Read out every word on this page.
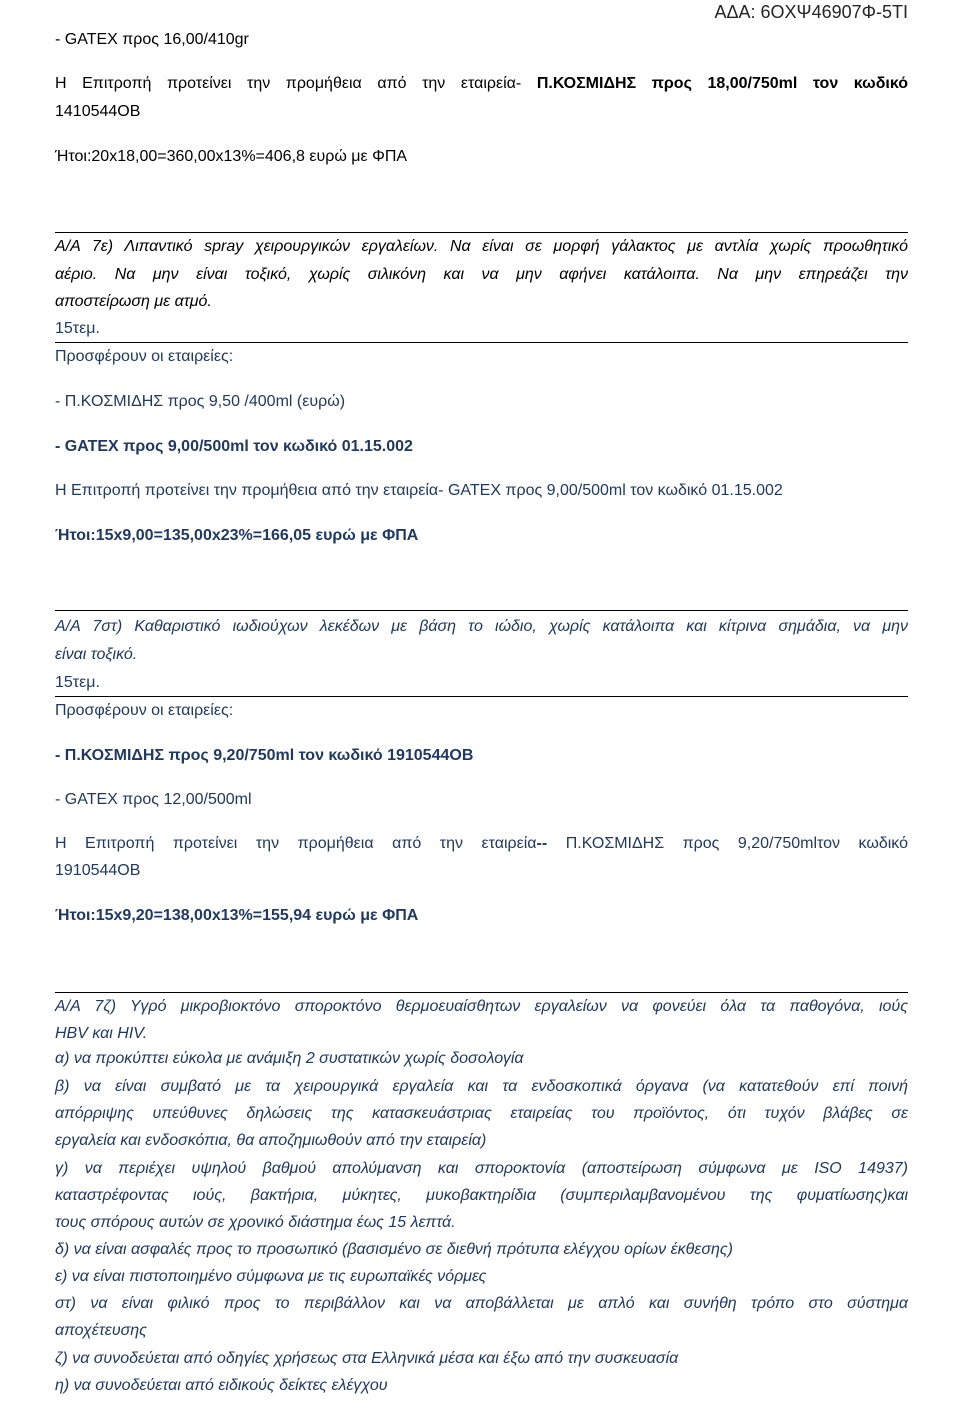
ΑΔΑ: 6ΟΧΨ46907Φ-5ΤΙ
- GATEX προς 16,00/410gr
Η Επιτροπή προτείνει την προμήθεια από την εταιρεία- Π.ΚΟΣΜΙΔΗΣ προς 18,00/750ml τον κωδικό
1410544ΟΒ
Ήτοι:20x18,00=360,00x13%=406,8 ευρώ με ΦΠΑ
Α/Α 7ε) Λιπαντικό spray χειρουργικών εργαλείων. Να είναι σε μορφή γάλακτος με αντλία χωρίς προωθητικό
αέριο. Να μην είναι τοξικό, χωρίς σιλικόνη και να μην αφήνει κατάλοιπα. Να μην επηρεάζει την
αποστείρωση με ατμό.
15τεμ.
Προσφέρουν οι εταιρείες:
- Π.ΚΟΣΜΙΔΗΣ προς 9,50 /400ml (ευρώ)
- GATEX προς 9,00/500ml τον κωδικό 01.15.002
Η Επιτροπή προτείνει την προμήθεια από την εταιρεία- GATEX προς 9,00/500ml τον κωδικό 01.15.002
Ήτοι:15x9,00=135,00x23%=166,05 ευρώ με ΦΠΑ
Α/Α 7στ) Καθαριστικό ιωδιούχων λεκέδων με βάση το ιώδιο, χωρίς κατάλοιπα και κίτρινα σημάδια, να μην
είναι τοξικό.
15τεμ.
Προσφέρουν οι εταιρείες:
- Π.ΚΟΣΜΙΔΗΣ προς 9,20/750ml τον κωδικό 1910544ΟΒ
- GATEX προς 12,00/500ml
Η Επιτροπή προτείνει την προμήθεια από την εταιρεία-- Π.ΚΟΣΜΙΔΗΣ προς 9,20/750mlτον κωδικό
1910544ΟΒ
Ήτοι:15x9,20=138,00x13%=155,94 ευρώ με ΦΠΑ
Α/Α 7ζ) Υγρό μικροβιοκτόνο σποροκτόνο θερμοευαίσθητων εργαλείων να φονεύει όλα τα παθογόνα, ιούς
HBV και HIV.
α) να προκύπτει εύκολα με ανάμιξη 2 συστατικών χωρίς δοσολογία
β) να είναι συμβατό με τα χειρουργικά εργαλεία και τα ενδοσκοπικά όργανα (να κατατεθούν επί ποινή
απόρριψης υπεύθυνες δηλώσεις της κατασκευάστριας εταιρείας του προϊόντος, ότι τυχόν βλάβες σε
εργαλεία και ενδοσκόπια, θα αποζημιωθούν από την εταιρεία)
γ) να περιέχει υψηλού βαθμού απολύμανση και σποροκτονία (αποστείρωση σύμφωνα με ISO 14937)
καταστρέφοντας ιούς, βακτήρια, μύκητες, μυκοβακτηρίδια (συμπεριλαμβανομένου της φυματίωσης)και
τους σπόρους αυτών σε χρονικό διάστημα έως 15 λεπτά.
δ) να είναι ασφαλές προς το προσωπικό (βασισμένο σε διεθνή πρότυπα ελέγχου ορίων έκθεσης)
ε) να είναι πιστοποιημένο σύμφωνα με τις ευρωπαϊκές νόρμες
στ) να είναι φιλικό προς το περιβάλλον και να αποβάλλεται με απλό και συνήθη τρόπο στο σύστημα
αποχέτευσης
ζ) να συνοδεύεται από οδηγίες χρήσεως στα Ελληνικά μέσα και έξω από την συσκευασία
η) να συνοδεύεται από ειδικούς δείκτες ελέγχου
